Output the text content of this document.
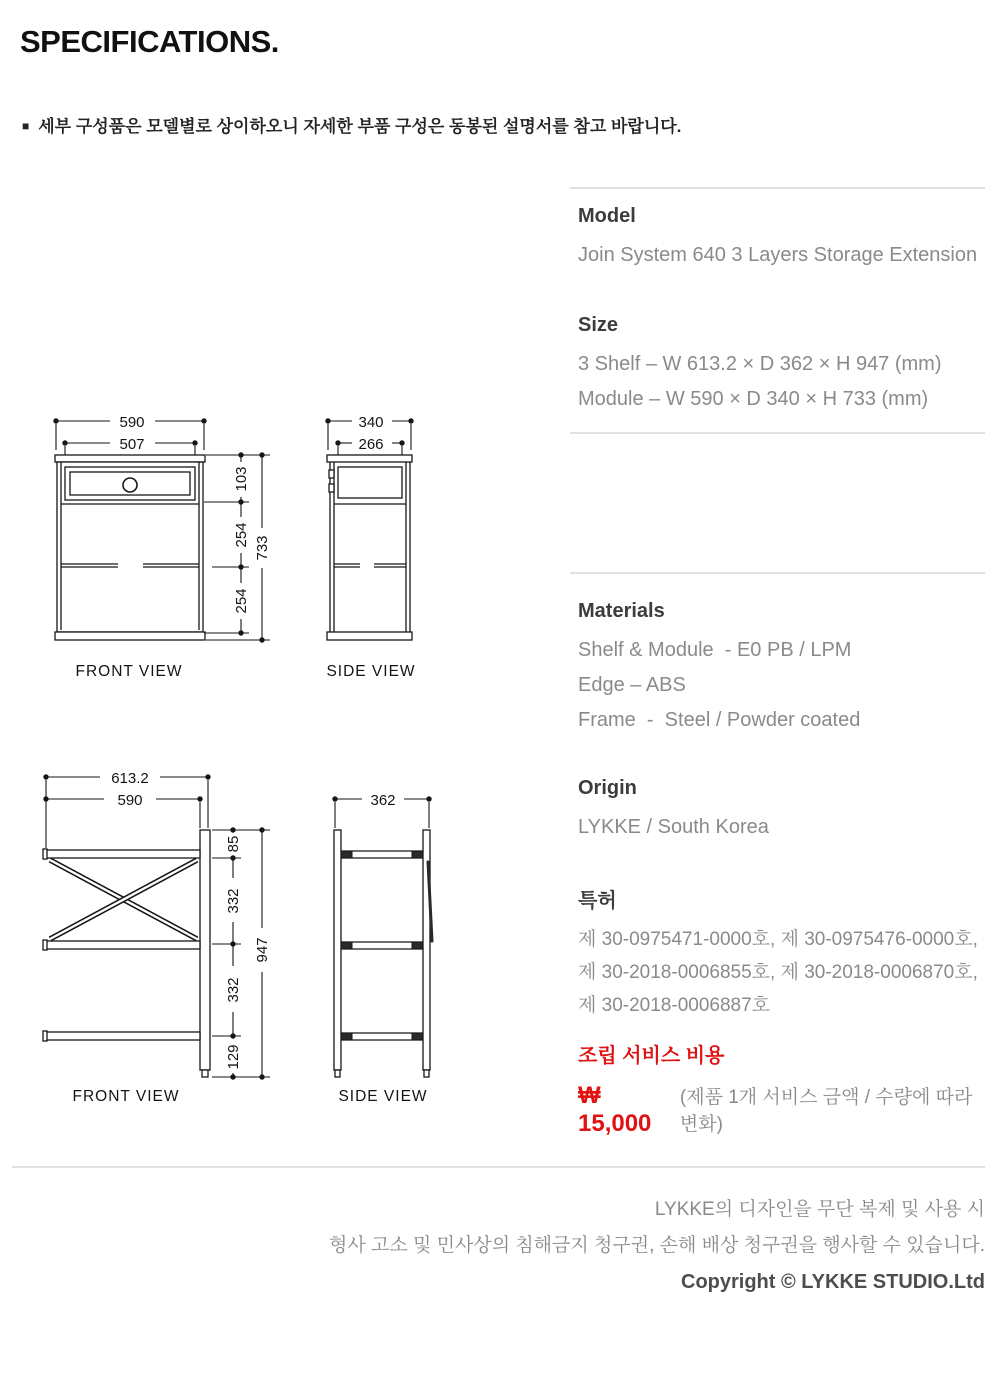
SPECIFICATIONS.
■ 세부 구성품은 모델별로 상이하오니 자세한 부품 구성은 동봉된 설명서를 참고 바랍니다.
590
507
103
254
254
733
FRONT VIEW
340
266
SIDE VIEW
613.2
590
85
332
332
129
947
FRONT VIEW
362
SIDE VIEW
Model
Join System 640 3 Layers Storage Extension
Size
3 Shelf – W 613.2 × D 362 × H 947 (mm)
Module – W 590 × D 340 × H 733 (mm)
Materials
Shelf & Module  - E0 PB / LPM
Edge – ABS
Frame  -  Steel / Powder coated
Origin
LYKKE / South Korea
특허
제 30-0975471-0000호, 제 30-0975476-0000호,
제 30-2018-0006855호, 제 30-2018-0006870호,
제 30-2018-0006887호
조립 서비스 비용
₩ 15,000
(제품 1개 서비스 금액 / 수량에 따라 변화)
LYKKE의 디자인을 무단 복제 및 사용 시
형사 고소 및 민사상의 침해금지 청구권, 손해 배상 청구권을 행사할 수 있습니다.
Copyright © LYKKE STUDIO.Ltd
